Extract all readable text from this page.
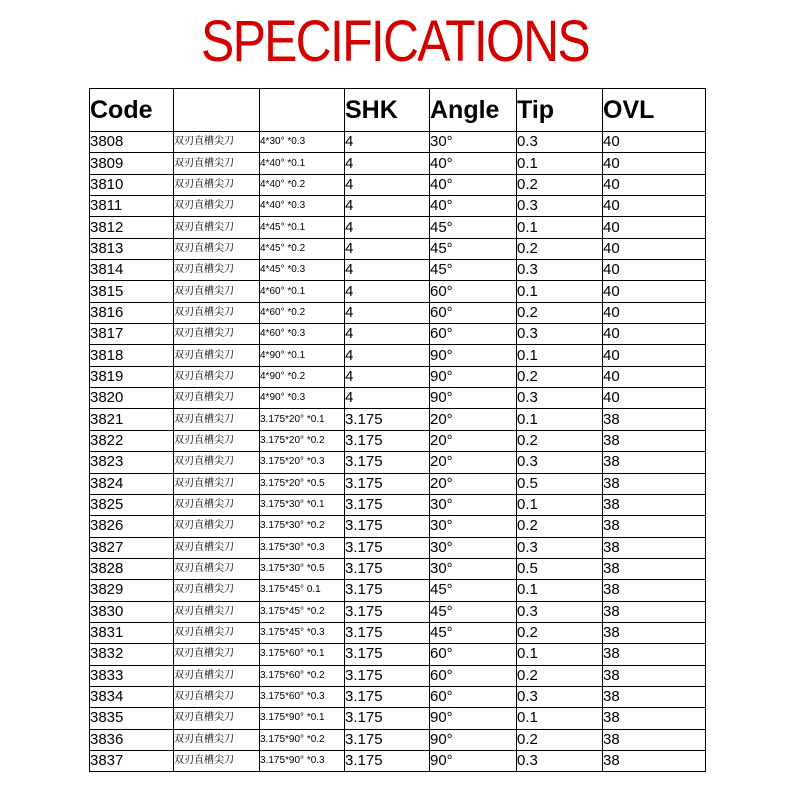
SPECIFICATIONS
Code			SHK	Angle	Tip	OVL
3808	双刃直槽尖刀	4*30° *0.3	4	30°	0.3	40
3809	双刃直槽尖刀	4*40° *0.1	4	40°	0.1	40
3810	双刃直槽尖刀	4*40° *0.2	4	40°	0.2	40
3811	双刃直槽尖刀	4*40° *0.3	4	40°	0.3	40
3812	双刃直槽尖刀	4*45° *0.1	4	45°	0.1	40
3813	双刃直槽尖刀	4*45° *0.2	4	45°	0.2	40
3814	双刃直槽尖刀	4*45° *0.3	4	45°	0.3	40
3815	双刃直槽尖刀	4*60° *0.1	4	60°	0.1	40
3816	双刃直槽尖刀	4*60° *0.2	4	60°	0.2	40
3817	双刃直槽尖刀	4*60° *0.3	4	60°	0.3	40
3818	双刃直槽尖刀	4*90° *0.1	4	90°	0.1	40
3819	双刃直槽尖刀	4*90° *0.2	4	90°	0.2	40
3820	双刃直槽尖刀	4*90° *0.3	4	90°	0.3	40
3821	双刃直槽尖刀	3.175*20° *0.1	3.175	20°	0.1	38
3822	双刃直槽尖刀	3.175*20° *0.2	3.175	20°	0.2	38
3823	双刃直槽尖刀	3.175*20° *0.3	3.175	20°	0.3	38
3824	双刃直槽尖刀	3.175*20° *0.5	3.175	20°	0.5	38
3825	双刃直槽尖刀	3.175*30° *0.1	3.175	30°	0.1	38
3826	双刃直槽尖刀	3.175*30° *0.2	3.175	30°	0.2	38
3827	双刃直槽尖刀	3.175*30° *0.3	3.175	30°	0.3	38
3828	双刃直槽尖刀	3.175*30° *0.5	3.175	30°	0.5	38
3829	双刃直槽尖刀	3.175*45° 0.1	3.175	45°	0.1	38
3830	双刃直槽尖刀	3.175*45° *0.2	3.175	45°	0.3	38
3831	双刃直槽尖刀	3.175*45° *0.3	3.175	45°	0.2	38
3832	双刃直槽尖刀	3.175*60° *0.1	3.175	60°	0.1	38
3833	双刃直槽尖刀	3.175*60° *0.2	3.175	60°	0.2	38
3834	双刃直槽尖刀	3.175*60° *0.3	3.175	60°	0.3	38
3835	双刃直槽尖刀	3.175*90° *0.1	3.175	90°	0.1	38
3836	双刃直槽尖刀	3.175*90° *0.2	3.175	90°	0.2	38
3837	双刃直槽尖刀	3.175*90° *0.3	3.175	90°	0.3	38
